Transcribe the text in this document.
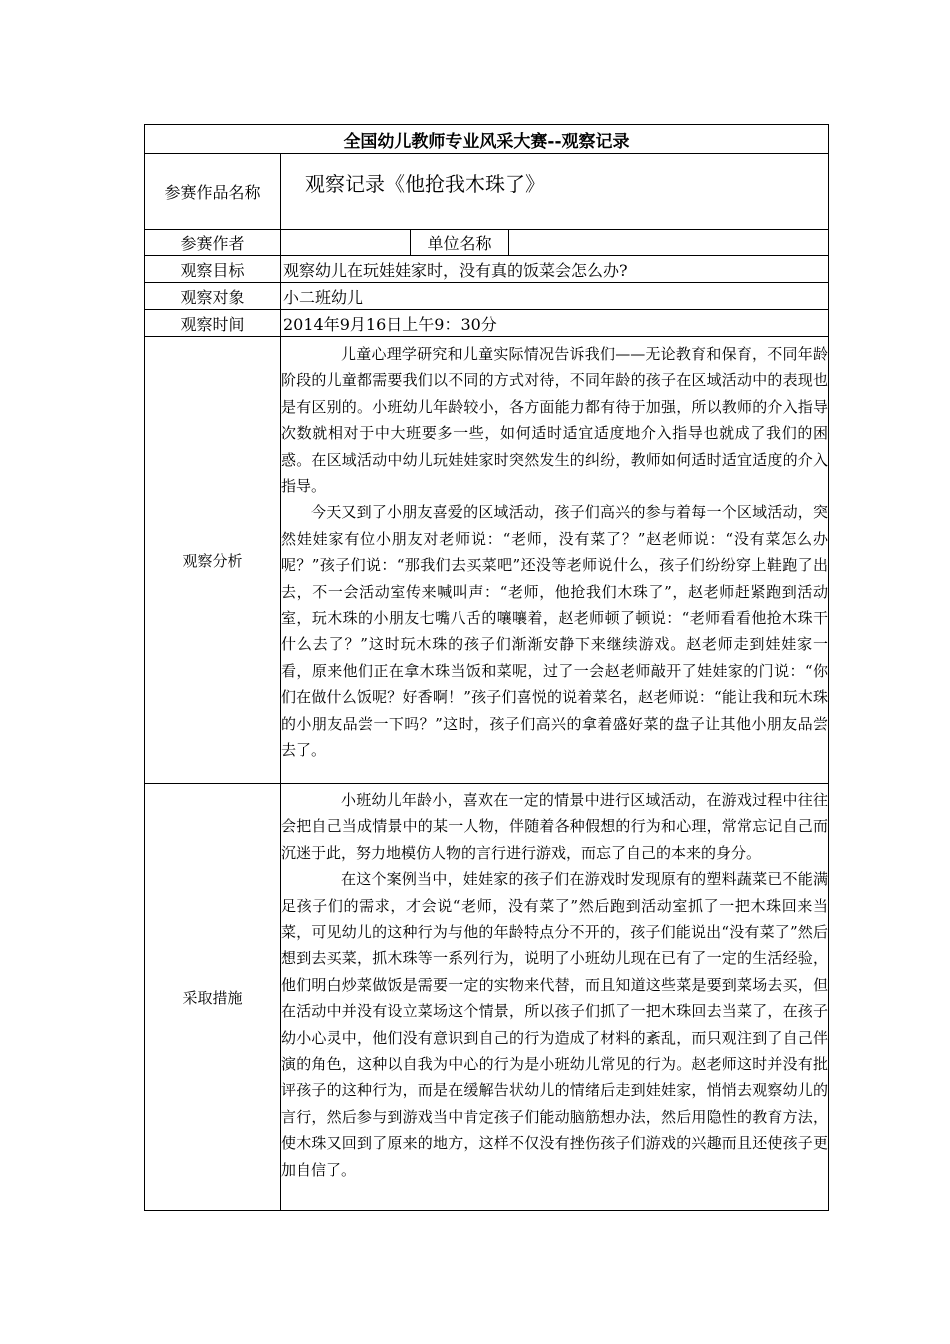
全国幼儿教师专业风采大赛--观察记录			
参赛作品名称	观察记录《他抢我木珠了》		
参赛作者		单位名称	
观察目标	观察幼儿在玩娃娃家时，没有真的饭菜会怎么办?		
观察对象	小二班幼儿		
观察时间	2014年9月16日上午9：30分		
观察分析	儿童心理学研究和儿童实际情况告诉我们——无论教育和保育，不同年龄阶段的儿童都需要我们以不同的方式对待，不同年龄的孩子在区域活动中的表现也是有区别的。小班幼儿年龄较小，各方面能力都有待于加强，所以教师的介入指导次数就相对于中大班要多一些，如何适时适宜适度地介入指导也就成了我们的困惑。在区域活动中幼儿玩娃娃家时突然发生的纠纷，教师如何适时适宜适度的介入指导。

今天又到了小朋友喜爱的区域活动，孩子们高兴的参与着每一个区域活动，突然娃娃家有位小朋友对老师说：“老师，没有菜了？”赵老师说：“没有菜怎么办呢？”孩子们说：“那我们去买菜吧”还没等老师说什么，孩子们纷纷穿上鞋跑了出去，不一会活动室传来喊叫声：“老师，他抢我们木珠了”，赵老师赶紧跑到活动室，玩木珠的小朋友七嘴八舌的嚷嚷着，赵老师顿了顿说：“老师看看他抢木珠干什么去了？”这时玩木珠的孩子们渐渐安静下来继续游戏。赵老师走到娃娃家一看，原来他们正在拿木珠当饭和菜呢，过了一会赵老师敲开了娃娃家的门说：“你们在做什么饭呢？好香啊！”孩子们喜悦的说着菜名，赵老师说：“能让我和玩木珠的小朋友品尝一下吗？”这时，孩子们高兴的拿着盛好菜的盘子让其他小朋友品尝去了。		

采取措施	小班幼儿年龄小，喜欢在一定的情景中进行区域活动，在游戏过程中往往会把自己当成情景中的某一人物，伴随着各种假想的行为和心理，常常忘记自己而沉迷于此，努力地模仿人物的言行进行游戏，而忘了自己的本来的身分。

在这个案例当中，娃娃家的孩子们在游戏时发现原有的塑料蔬菜已不能满足孩子们的需求，才会说“老师，没有菜了”然后跑到活动室抓了一把木珠回来当菜，可见幼儿的这种行为与他的年龄特点分不开的，孩子们能说出“没有菜了”然后想到去买菜，抓木珠等一系列行为，说明了小班幼儿现在已有了一定的生活经验，他们明白炒菜做饭是需要一定的实物来代替，而且知道这些菜是要到菜场去买，但在活动中并没有设立菜场这个情景，所以孩子们抓了一把木珠回去当菜了，在孩子幼小心灵中，他们没有意识到自己的行为造成了材料的紊乱，而只观注到了自己伴演的角色，这种以自我为中心的行为是小班幼儿常见的行为。赵老师这时并没有批评孩子的这种行为，而是在缓解告状幼儿的情绪后走到娃娃家，悄悄去观察幼儿的言行，然后参与到游戏当中肯定孩子们能动脑筋想办法，然后用隐性的教育方法，使木珠又回到了原来的地方，这样不仅没有挫伤孩子们游戏的兴趣而且还使孩子更加自信了。		
